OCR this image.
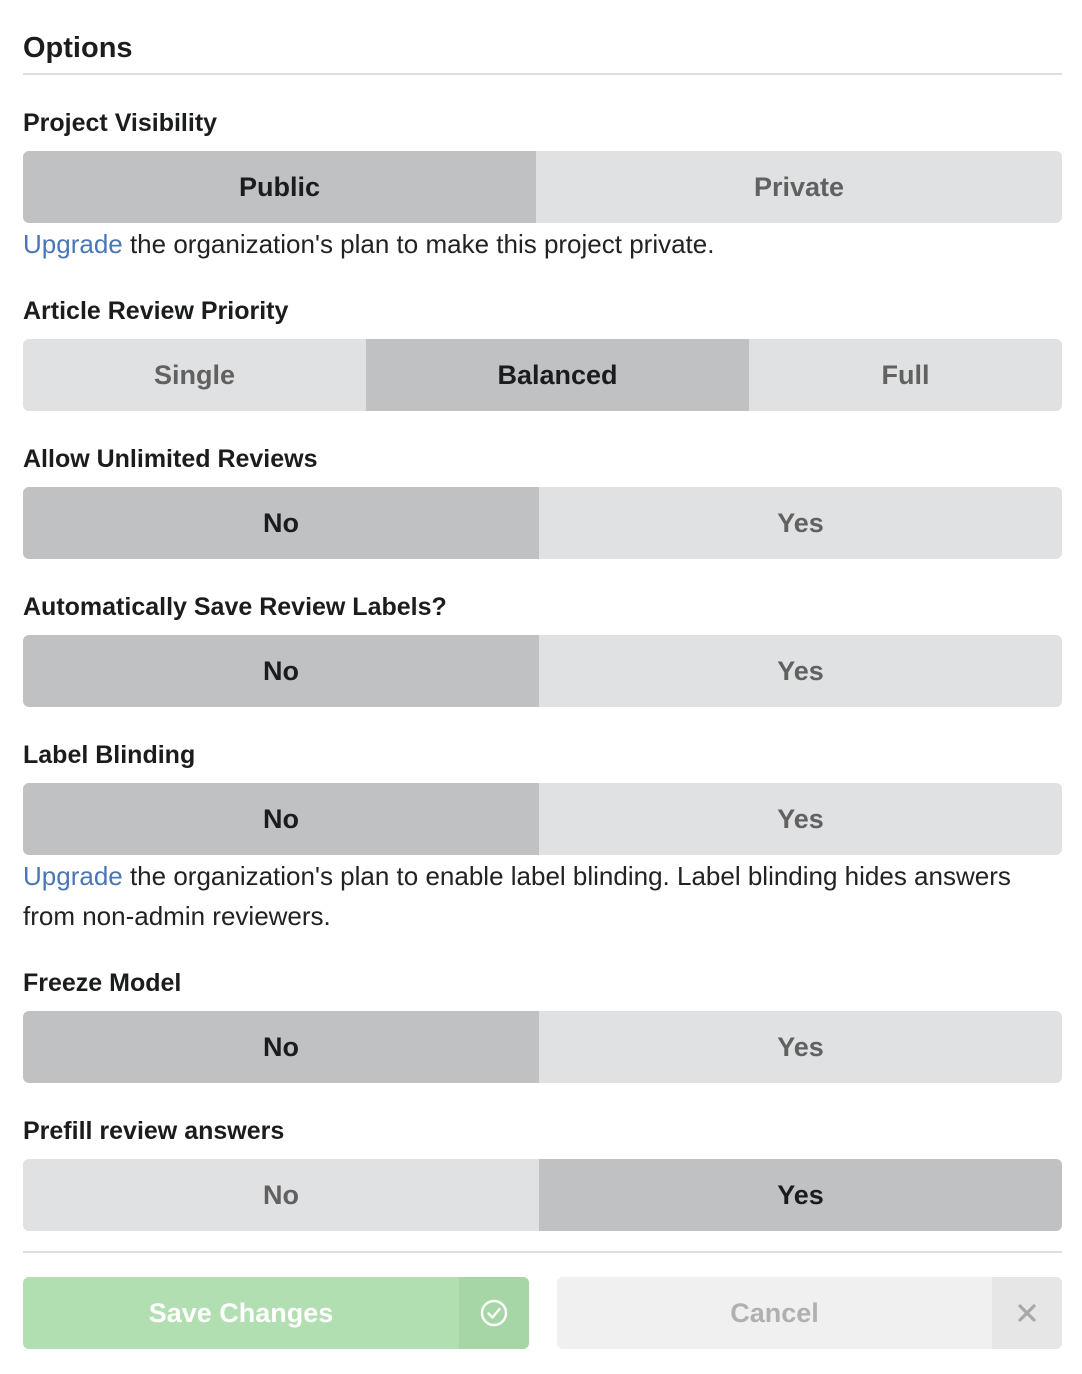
Options
Project Visibility
Public	Private
Upgrade the organization's plan to make this project private.
Article Review Priority
Single	Balanced	Full
Allow Unlimited Reviews
No	Yes
Automatically Save Review Labels?
No	Yes
Label Blinding
No	Yes
Upgrade the organization's plan to enable label blinding. Label blinding hides answers from non-admin reviewers.
Freeze Model
No	Yes
Prefill review answers
No	Yes
Save Changes	Cancel
